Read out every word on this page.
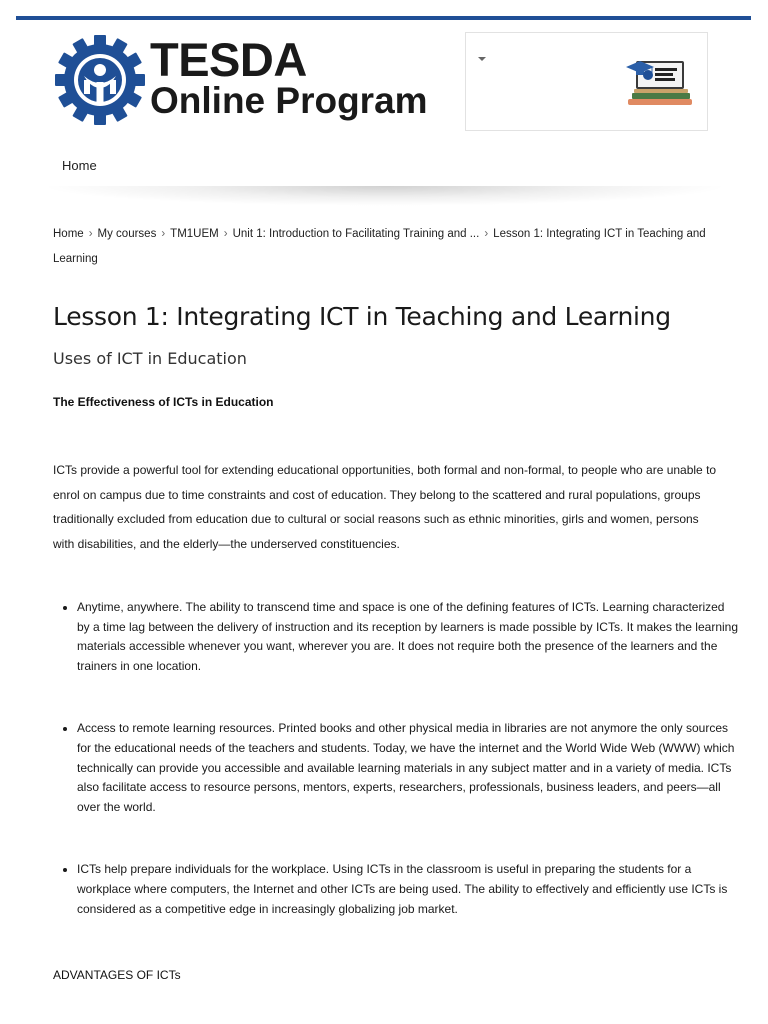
TESDA
Online Program
Home
Home › My courses › TM1UEM › Unit 1: Introduction to Facilitating Training and ... › Lesson 1: Integrating ICT in Teaching and Learning
Lesson 1: Integrating ICT in Teaching and Learning
Uses of ICT in Education
The Effectiveness of ICTs in Education

ICTs provide a powerful tool for extending educational opportunities, both formal and non-formal, to people who are unable to enrol on campus due to time constraints and cost of education. They belong to the scattered and rural populations, groups traditionally excluded from education due to cultural or social reasons such as ethnic minorities, girls and women, persons with disabilities, and the elderly—the underserved constituencies.

• Anytime, anywhere. The ability to transcend time and space is one of the defining features of ICTs. Learning characterized by a time lag between the delivery of instruction and its reception by learners is made possible by ICTs. It makes the learning materials accessible whenever you want, wherever you are. It does not require both the presence of the learners and the trainers in one location.
• Access to remote learning resources. Printed books and other physical media in libraries are not anymore the only sources for the educational needs of the teachers and students. Today, we have the internet and the World Wide Web (WWW) which technically can provide you accessible and available learning materials in any subject matter and in a variety of media. ICTs also facilitate access to resource persons, mentors, experts, researchers, professionals, business leaders, and peers—all over the world.
• ICTs help prepare individuals for the workplace. Using ICTs in the classroom is useful in preparing the students for a workplace where computers, the Internet and other ICTs are being used. The ability to effectively and efficiently use ICTs is considered as a competitive edge in increasingly globalizing job market.
ADVANTAGES OF ICTs
